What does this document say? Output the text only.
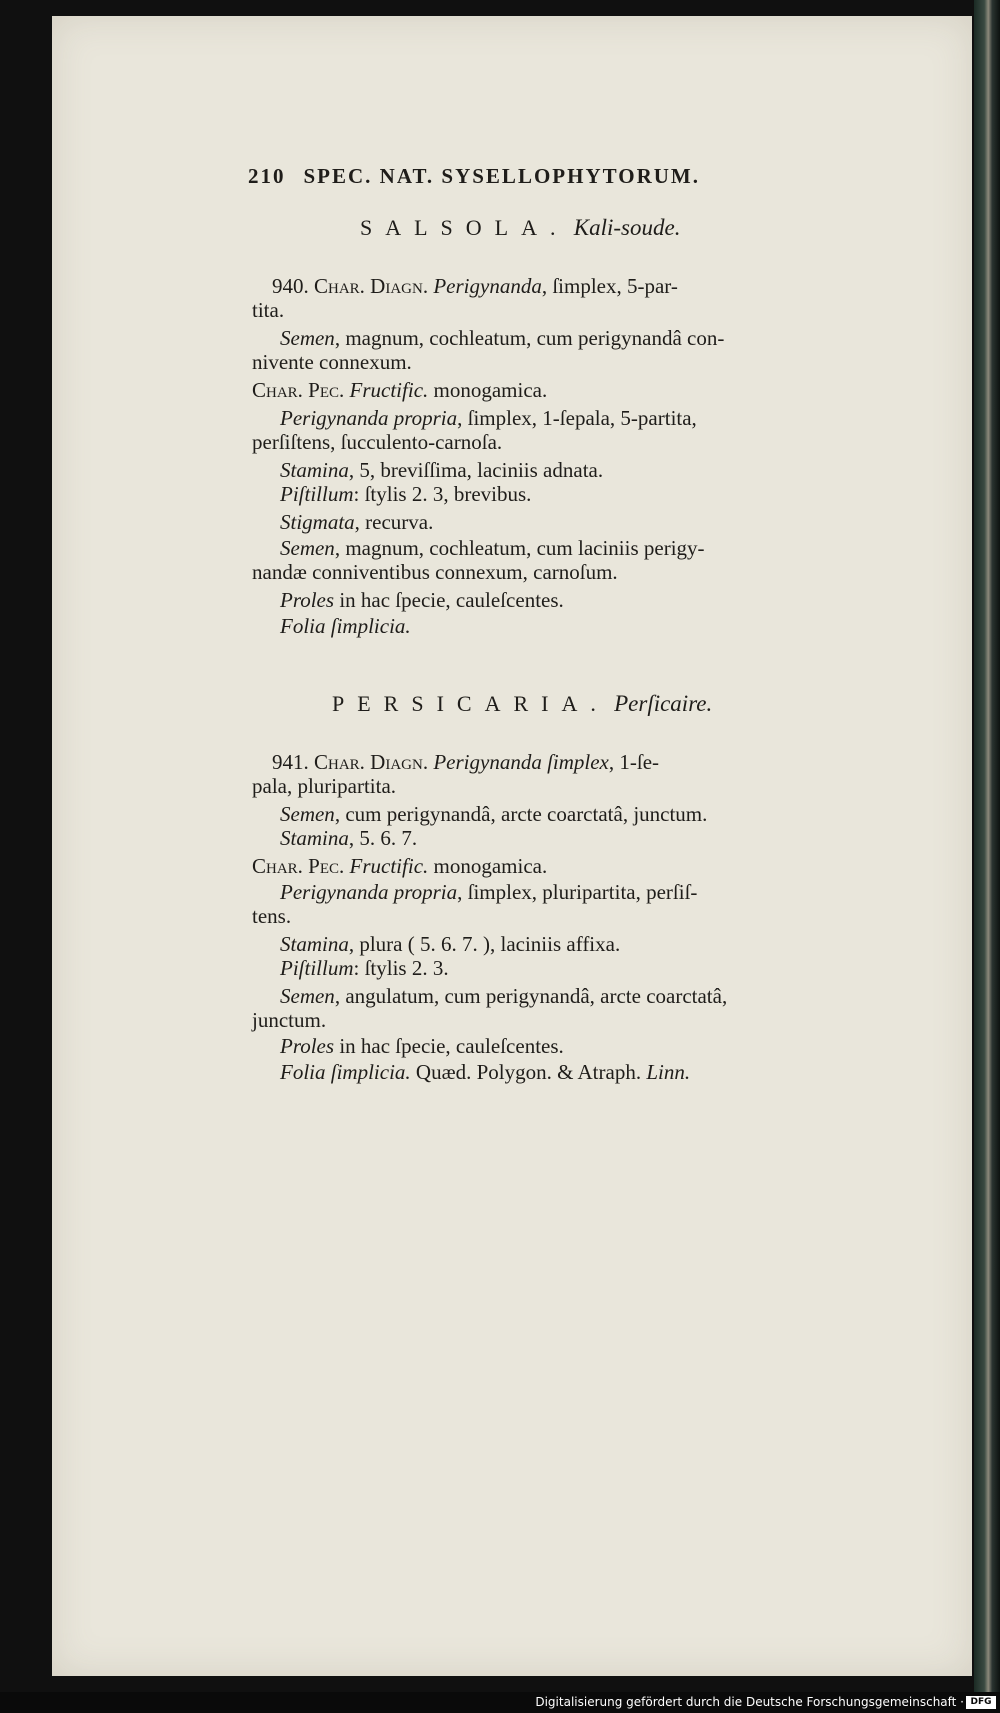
210 SPEC. NAT. SYSELLOPHYTORUM.
SALSOLA. Kali-soude.
940. Char. Diagn. Perigynanda, ſimplex, 5-par-
tita.
Semen, magnum, cochleatum, cum perigynandâ con-
nivente connexum.
Char. Pec. Fructific. monogamica.
Perigynanda propria, ſimplex, 1-ſepala, 5-partita,
perſiſtens, ſucculento-carnoſa.
Stamina, 5, breviſſima, laciniis adnata.
Piſtillum: ſtylis 2. 3, brevibus.
Stigmata, recurva.
Semen, magnum, cochleatum, cum laciniis perigy-
nandæ conniventibus connexum, carnoſum.
Proles in hac ſpecie, cauleſcentes.
Folia ſimplicia.
PERSICARIA. Perſicaire.
941. Char. Diagn. Perigynanda ſimplex, 1-ſe-
pala, pluripartita.
Semen, cum perigynandâ, arcte coarctatâ, junctum.
Stamina, 5. 6. 7.
Char. Pec. Fructific. monogamica.
Perigynanda propria, ſimplex, pluripartita, perſiſ-
tens.
Stamina, plura ( 5. 6. 7. ), laciniis affixa.
Piſtillum: ſtylis 2. 3.
Semen, angulatum, cum perigynandâ, arcte coarctatâ,
junctum.
Proles in hac ſpecie, cauleſcentes.
Folia ſimplicia. Quæd. Polygon. & Atraph. Linn.
Digitalisierung gefördert durch die Deutsche Forschungsgemeinschaft · DFG
